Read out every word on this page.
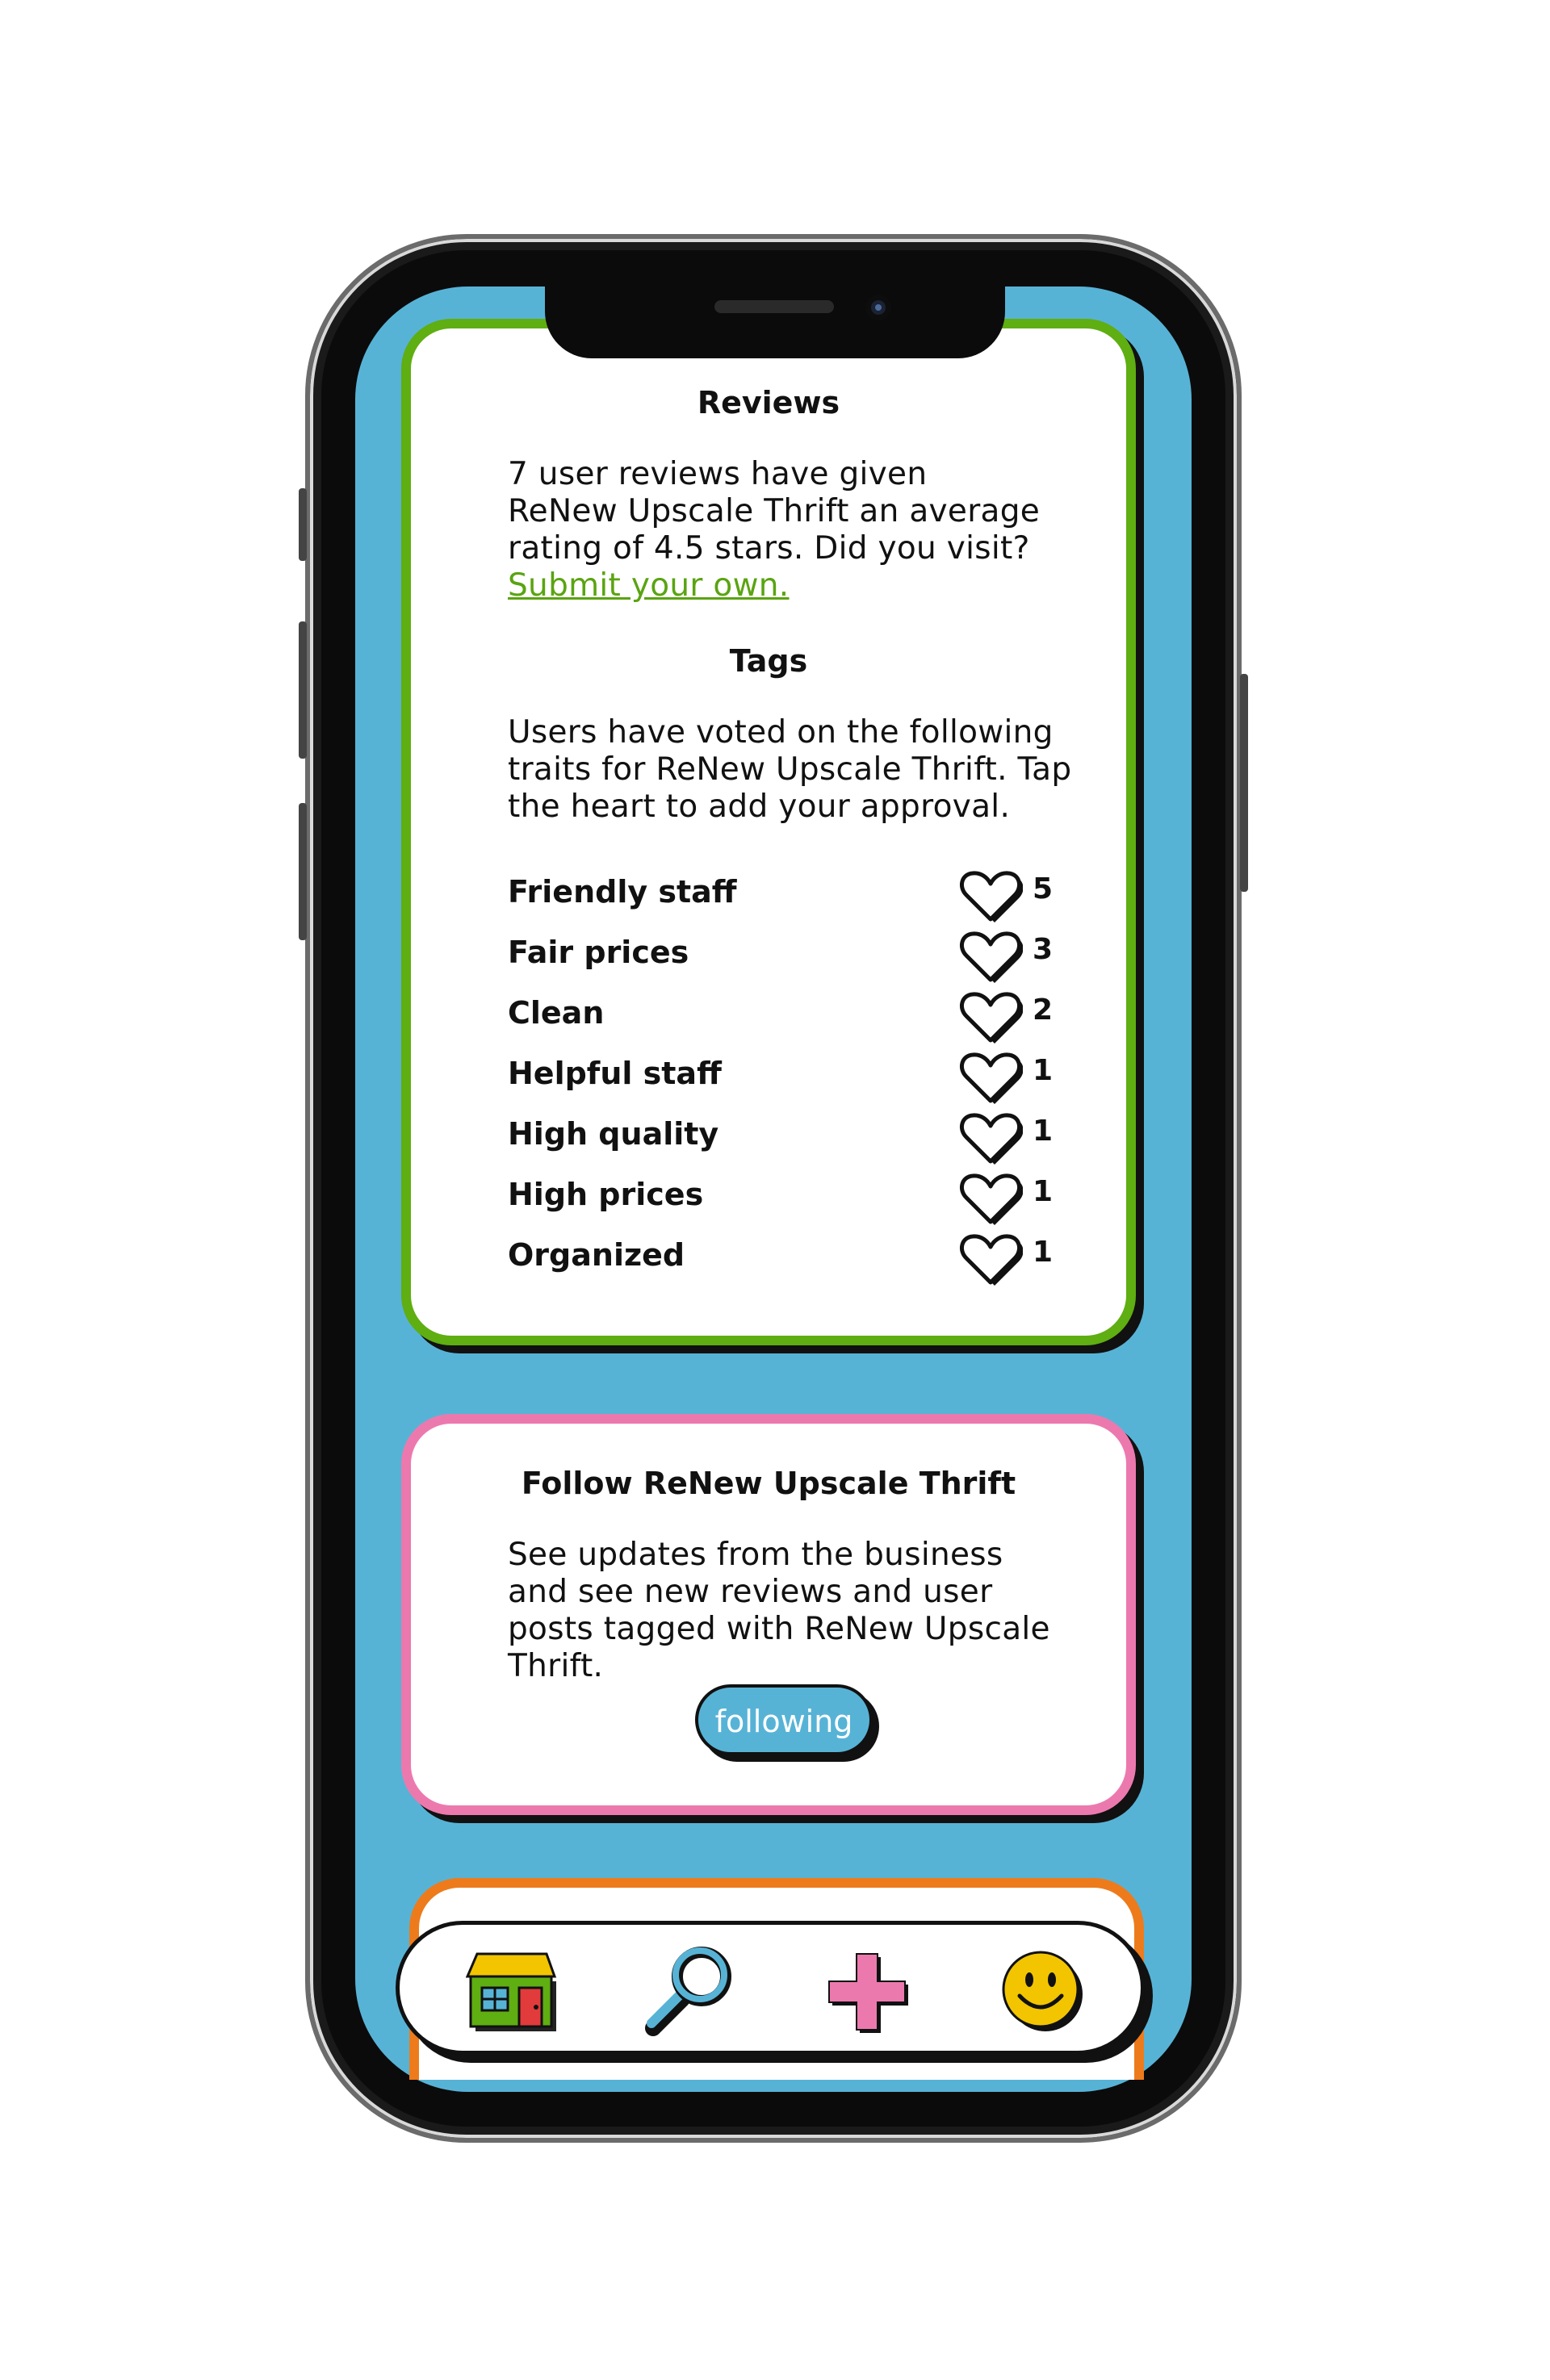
Reviews
7 user reviews have given ReNew Upscale Thrift an average rating of 4.5 stars. Did you visit?
Submit your own.
Tags
Users have voted on the following traits for ReNew Upscale Thrift. Tap the heart to add your approval.
Friendly staff	5
Fair prices	3
Clean	2
Helpful staff	1
High quality	1
High prices	1
Organized	1
Follow ReNew Upscale Thrift
See updates from the business and see new reviews and user posts tagged with ReNew Upscale Thrift.
following
